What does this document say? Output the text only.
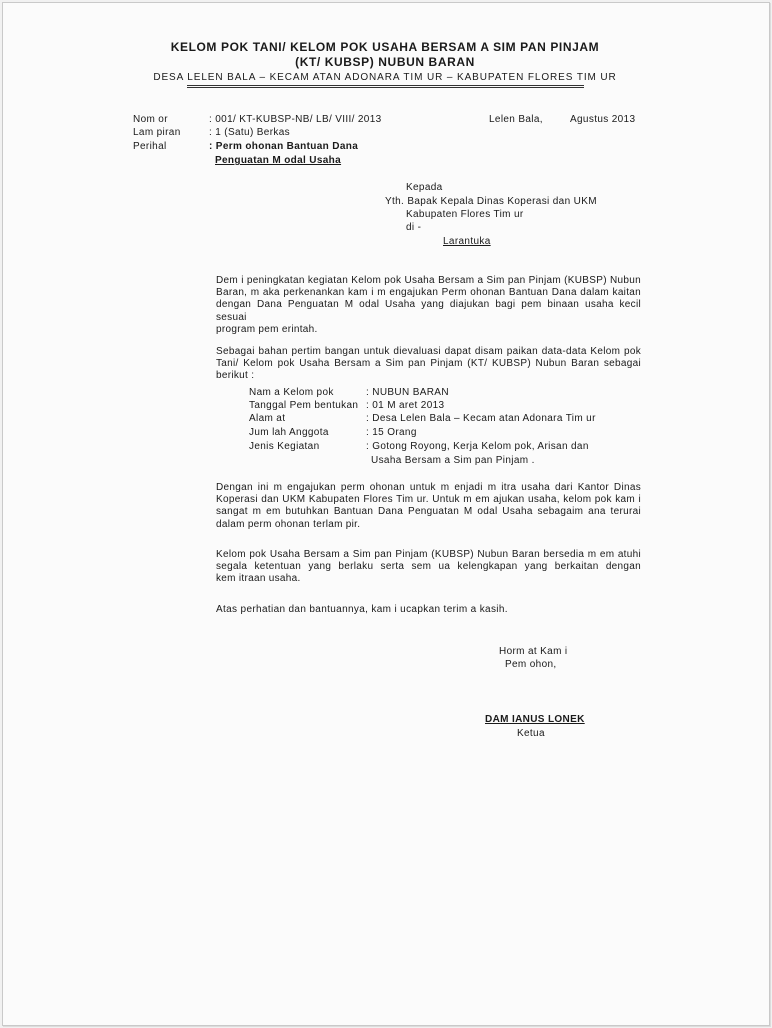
KELOM POK TANI/ KELOM POK USAHA BERSAM A SIM PAN PINJAM
(KT/ KUBSP) NUBUN BARAN
DESA LELEN BALA – KECAM ATAN ADONARA TIM UR – KABUPATEN FLORES TIM UR
Nom or	: 001/ KT-KUBSP-NB/ LB/ VIII/ 2013	Lelen Bala,	Agustus 2013
Lam piran	: 1 (Satu) Berkas
Perihal	: Perm ohonan Bantuan Dana
Penguatan M odal Usaha
Kepada
Yth. Bapak Kepala Dinas Koperasi dan UKM
Kabupaten Flores Tim ur
di -
Larantuka
Dem i peningkatan kegiatan Kelom pok Usaha Bersam a Sim pan Pinjam (KUBSP) Nubun
Baran, m aka perkenankan kam i m engajukan Perm ohonan Bantuan Dana dalam kaitan
dengan Dana Penguatan M odal Usaha yang diajukan bagi pem binaan usaha kecil sesuai
program pem erintah.
Sebagai bahan pertim bangan untuk dievaluasi dapat disam paikan data-data Kelom pok
Tani/ Kelom pok Usaha Bersam a Sim pan Pinjam (KT/ KUBSP) Nubun Baran sebagai
berikut :
Nam a Kelom pok	: NUBUN BARAN
Tanggal Pem bentukan : 01 M aret 2013
Alam at	: Desa Lelen Bala – Kecam atan Adonara Tim ur
Jum lah Anggota	: 15 Orang
Jenis Kegiatan	: Gotong Royong, Kerja Kelom pok, Arisan dan
Usaha Bersam a Sim pan Pinjam .
Dengan ini m engajukan perm ohonan untuk m enjadi m itra usaha dari Kantor Dinas
Koperasi dan UKM Kabupaten Flores Tim ur. Untuk m em ajukan usaha, kelom pok kam i
sangat m em butuhkan Bantuan Dana Penguatan M odal Usaha sebagaim ana terurai
dalam perm ohonan terlam pir.
Kelom pok Usaha Bersam a Sim pan Pinjam (KUBSP) Nubun Baran bersedia m em atuhi
segala ketentuan yang berlaku serta sem ua kelengkapan yang berkaitan dengan
kem itraan usaha.
Atas perhatian dan bantuannya, kam i ucapkan terim a kasih.
Horm at Kam i
Pem ohon,
DAM IANUS LONEK
Ketua
